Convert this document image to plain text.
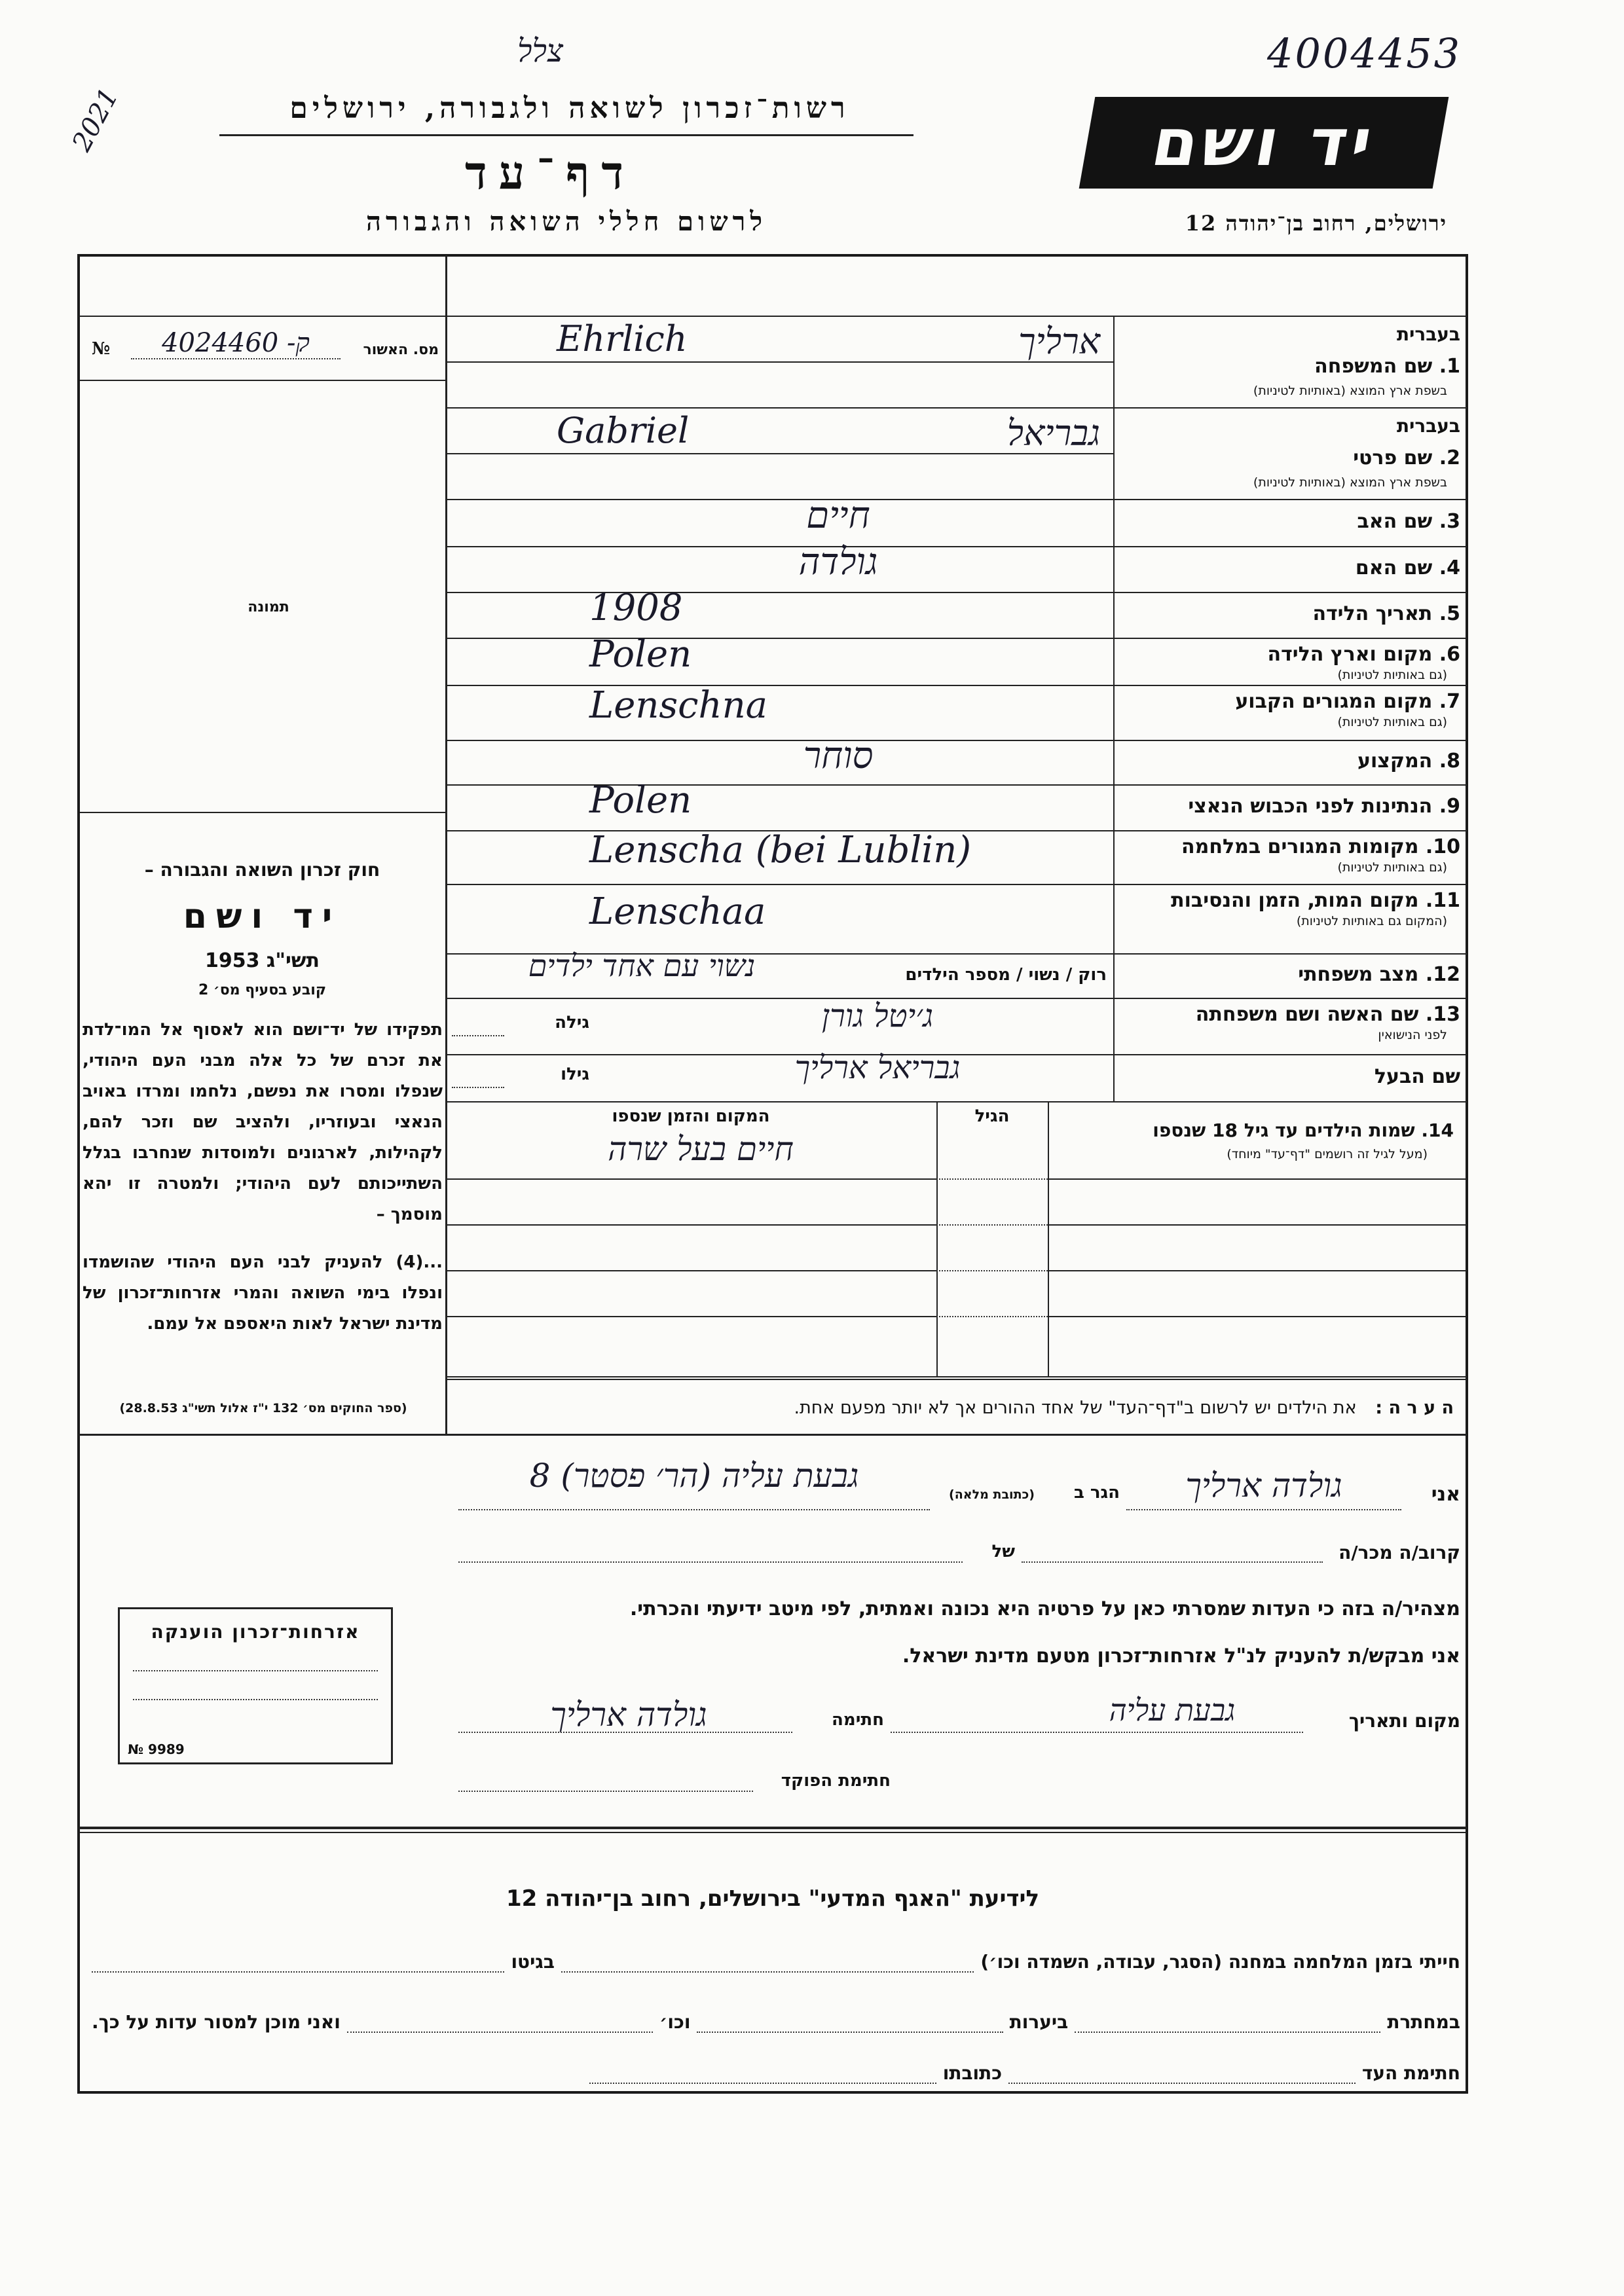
2021
4004453
צלל
רשות־זכרון לשואה ולגבורה, ירושלים
דף־עד
לרשום חללי השואה והגבורה
יד ושם
ירושלים, רחוב בן־יהודה 12
מס. האשור
4024460 -ק
№
תמונה
חוק זכרון השואה והגבורה –
יד ושם
תשי"ג 1953
קובע בסעיף מס׳ 2
תפקידו של יד־ושם הוא לאסוף אל המו־לדת את זכרם של כל אלה מבני העם היהודי, שנפלו ומסרו את נפשם, נלחמו ומרדו באויב הנאצי ובעוזריו, ולהציב שם וזכר להם, לקהילות, לארגונים ולמוסדות שנחרבו בגלל השתייכותם לעם היהודי; ולמטרה זו יהא מוסמך –
...(4) להעניק לבני העם היהודי שהושמדו ונפלו בימי השואה והמרי אזרחות־זכרון של מדינת ישראל לאות היאספם אל עמם.
(ספר החוקים מס׳ 132 י"ז אלול תשי"ג 28.8.53)
1. שם המשפחה
בשפת ארץ המוצא (באותיות לטיניות)
בעברית
ארליך
Ehrlich
2. שם פרטי
בשפת ארץ המוצא (באותיות לטיניות)
בעברית
גבריאל
Gabriel
3. שם האב
חיים
4. שם האם
גולדה
5. תאריך הלידה
1908
6. מקום וארץ הלידה
(גם באותיות לטיניות)
Polen
7. מקום המגורים הקבוע
(גם באותיות לטיניות)
Lenschna
8. המקצוע
סוחר
9. הנתינות לפני הכבוש הנאצי
Polen
10. מקומות המגורים במלחמה
(גם באותיות לטיניות)
Lenscha (bei Lublin)
11. מקום המות, הזמן והנסיבות
(המקום גם באותיות לטיניות)
Lenschaa
12. מצב משפחתי
רוק / נשוי / מספר הילדים
נשוי עם אחד ילדים
13. שם האשה ושם משפחתה
לפני הנישואין
גילה	ג׳יטל גורן
שם הבעל
גילו	גבריאל ארליך
14. שמות הילדים עד גיל 18 שנספו
(מעל לגיל זה רושמים "דף־עד" מיוחד)
הגיל
המקום והזמן שנספו
חיים בעל שרה
ה ע ר ה : את הילדים יש לרשום ב"דף־העד" של אחד ההורים אך לא יותר מפעם אחת.
אני
גולדה ארליך
הגר ב
(כתובת מלאה)
גבעת עליה (הר׳ פסטר) 8
קרוב/ה מכר/ה
של
מצהיר/ה בזה כי העדות שמסרתי כאן על פרטיה היא נכונה ואמתית, לפי מיטב ידיעתי והכרתי.
אני מבקש/ת להעניק לנ"ל אזרחות־זכרון מטעם מדינת ישראל.
מקום ותאריך
גבעת עליה
חתימה
גולדה ארליך
חתימת הפוקד
אזרחות־זכרון הוענקה
№ 9989
לידיעת "האגף המדעי" בירושלים, רחוב בן־יהודה 12
חייתי בזמן המלחמה במחנה (הסגר, עבודה, השמדה וכו׳)
בגיטו
במחתרת
ביערות
וכו׳
ואני מוכן למסור עדות על כך.
חתימת העד
כתובתו
